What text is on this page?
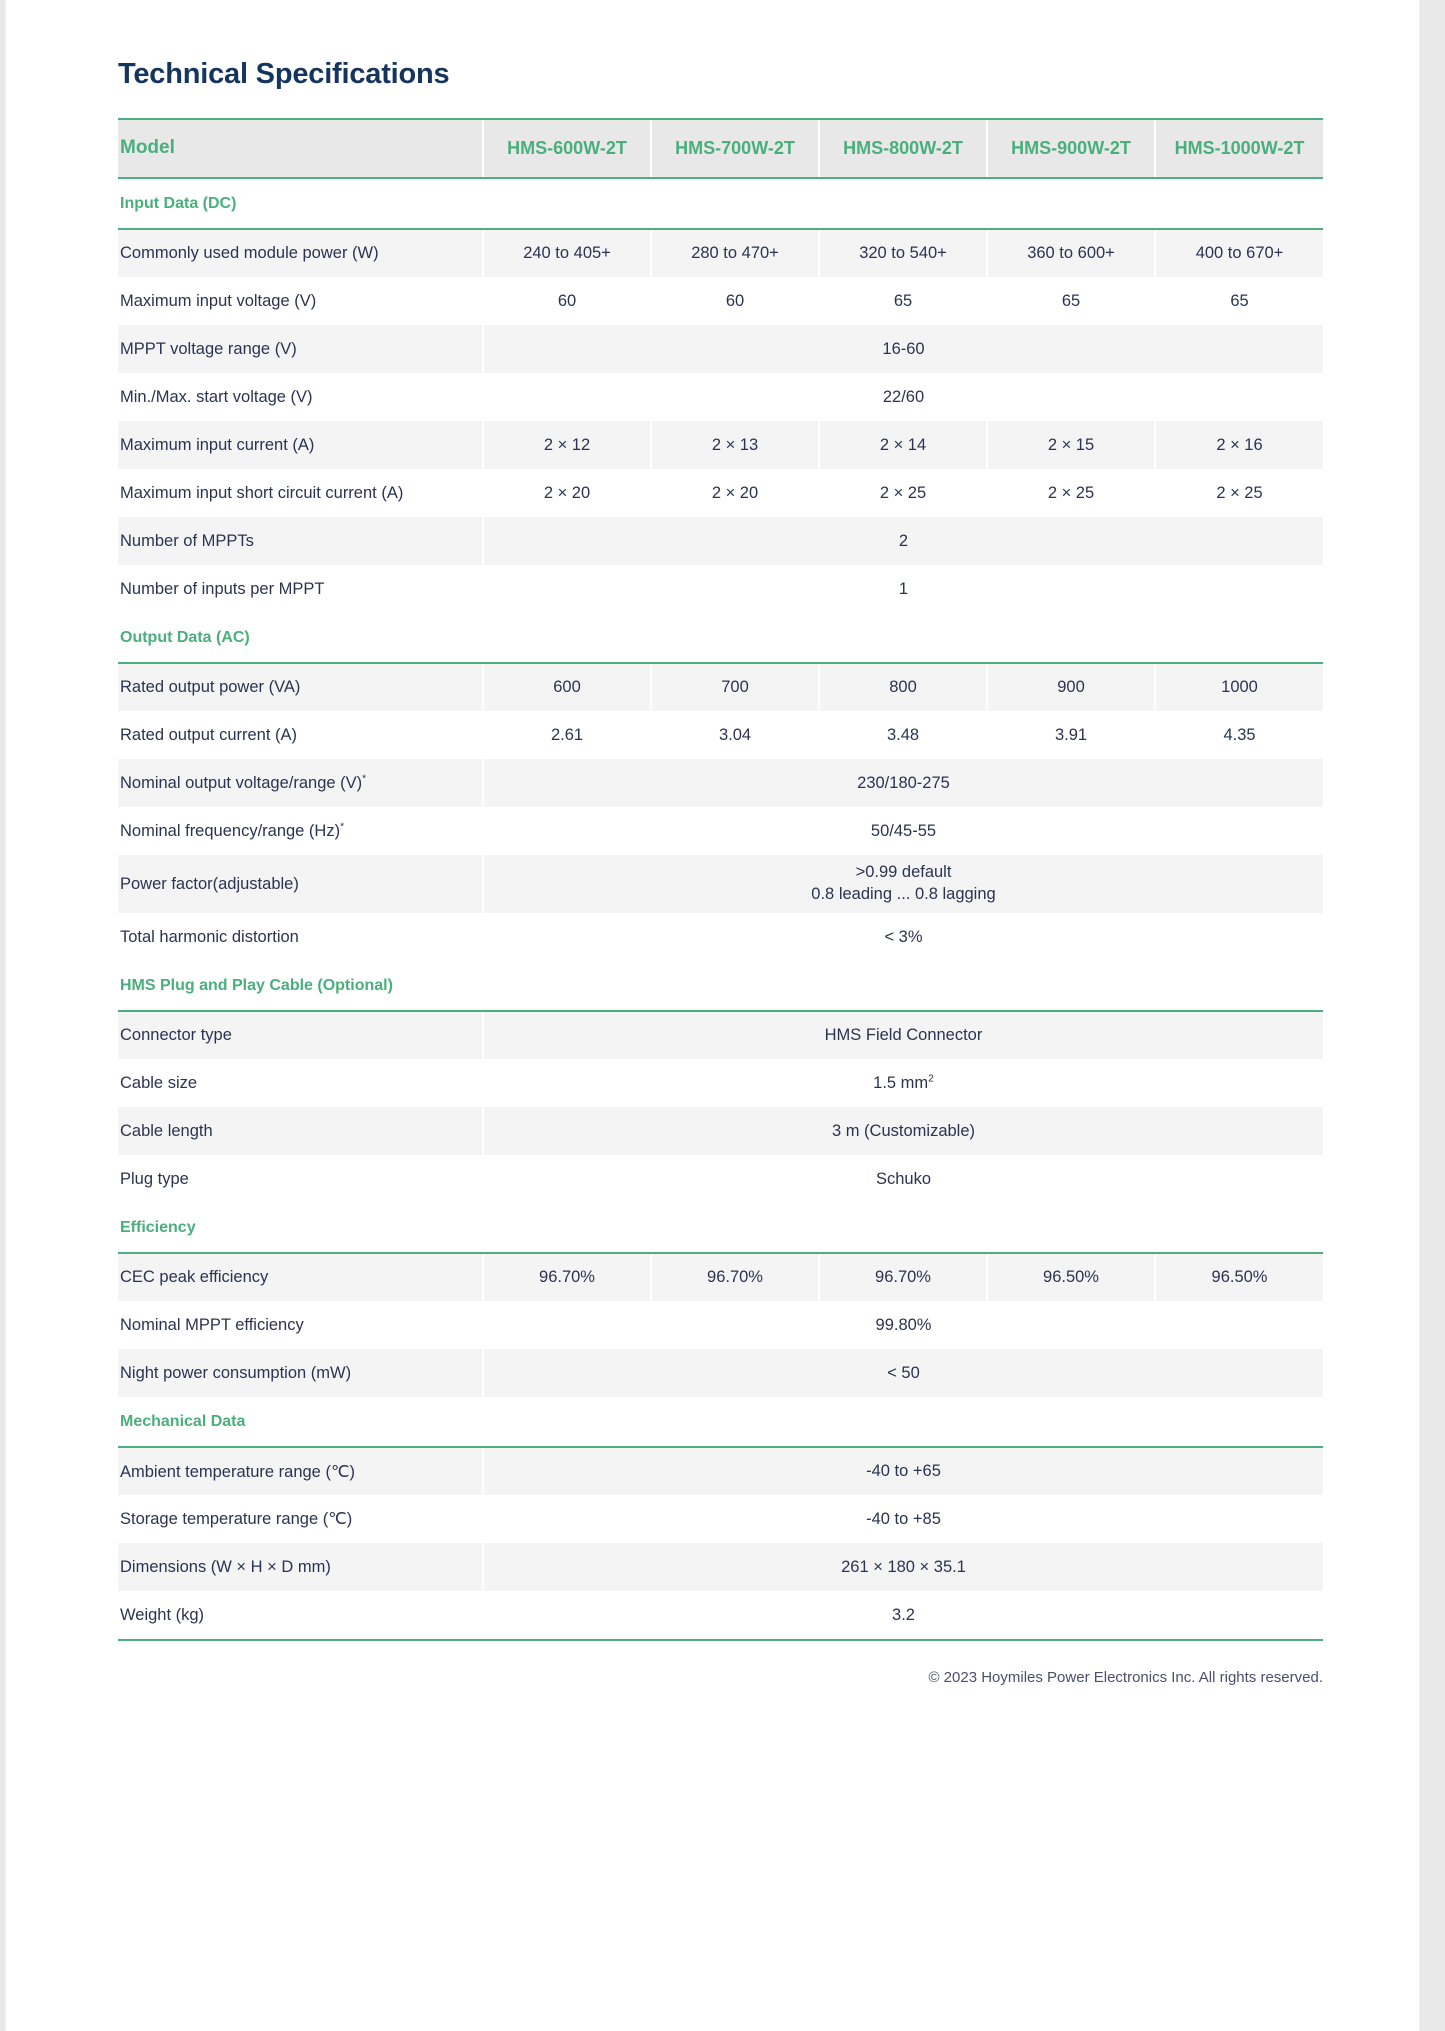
Technical Specifications
Model	HMS-600W-2T	HMS-700W-2T	HMS-800W-2T	HMS-900W-2T	HMS-1000W-2T
Input Data (DC)					
Commonly used module power (W)	240 to 405+	280 to 470+	320 to 540+	360 to 600+	400 to 670+
Maximum input voltage (V)	60	60	65	65	65
MPPT voltage range (V)	16-60				
Min./Max. start voltage (V)	22/60				
Maximum input current (A)	2 × 12	2 × 13	2 × 14	2 × 15	2 × 16
Maximum input short circuit current (A)	2 × 20	2 × 20	2 × 25	2 × 25	2 × 25
Number of MPPTs	2				
Number of inputs per MPPT	1				
Output Data (AC)					
Rated output power (VA)	600	700	800	900	1000
Rated output current (A)	2.61	3.04	3.48	3.91	4.35
Nominal output voltage/range (V)*	230/180-275				
Nominal frequency/range (Hz)*	50/45-55				
Power factor(adjustable)	>0.99 default
0.8 leading ... 0.8 lagging				

Total harmonic distortion	< 3%				
HMS Plug and Play Cable (Optional)					
Connector type	HMS Field Connector				
Cable size	1.5 $mm^2$
Cable length	3 m (Customizable)				
Plug type	Schuko				
Efficiency					
CEC peak efficiency	96.70%	96.70%	96.70%	96.50%	96.50%
Nominal MPPT efficiency	99.80%				
Night power consumption (mW)	< 50				
Mechanical Data					
Ambient temperature range (℃)	-40 to +65				
Storage temperature range (℃)	-40 to +85				
Dimensions (W × H × D mm)	261 × 180 × 35.1				
Weight (kg)	3.2				
© 2023 Hoymiles Power Electronics Inc. All rights reserved.
